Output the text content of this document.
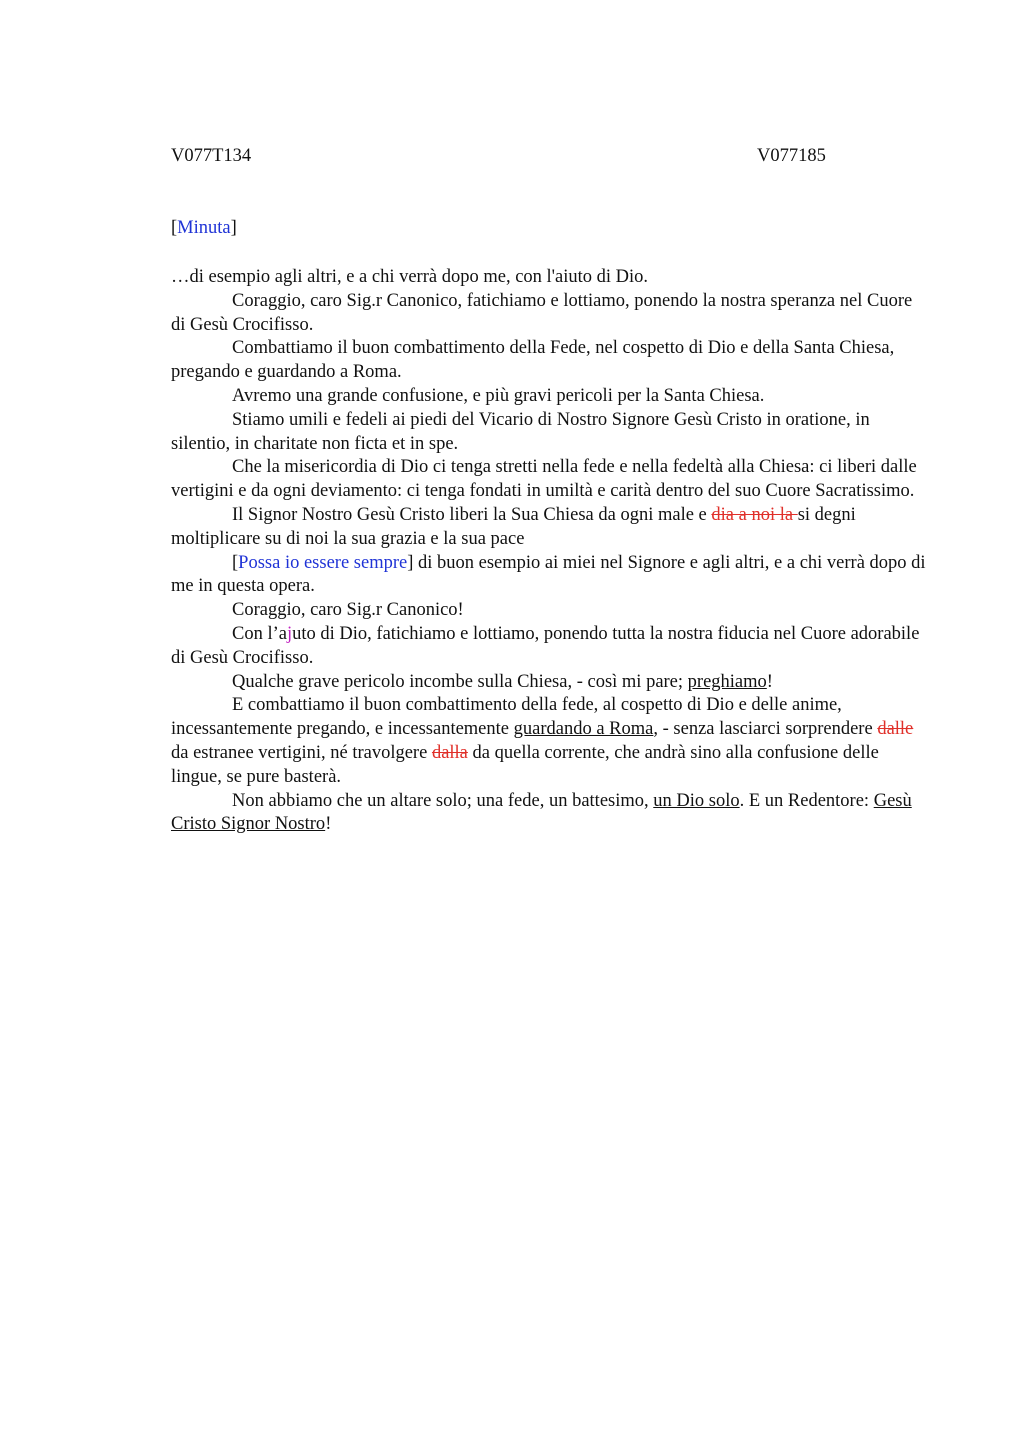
V077T134	V077185
[Minuta]

…di esempio agli altri, e a chi verrà dopo me, con l'aiuto di Dio.

Coraggio, caro Sig.r Canonico, fatichiamo e lottiamo, ponendo la nostra speranza nel Cuore di Gesù Crocifisso.

Combattiamo il buon combattimento della Fede, nel cospetto di Dio e della Santa Chiesa, pregando e guardando a Roma.

Avremo una grande confusione, e più gravi pericoli per la Santa Chiesa.

Stiamo umili e fedeli ai piedi del Vicario di Nostro Signore Gesù Cristo in oratione, in silentio, in charitate non ficta et in spe.

Che la misericordia di Dio ci tenga stretti nella fede e nella fedeltà alla Chiesa: ci liberi dalle vertigini e da ogni deviamento: ci tenga fondati in umiltà e carità dentro del suo Cuore Sacratissimo.

Il Signor Nostro Gesù Cristo liberi la Sua Chiesa da ogni male e dia a noi la si degni moltiplicare su di noi la sua grazia e la sua pace

[Possa io essere sempre] di buon esempio ai miei nel Signore e agli altri, e a chi verrà dopo di me in questa opera.

Coraggio, caro Sig.r Canonico!

Con l’ajuto di Dio, fatichiamo e lottiamo, ponendo tutta la nostra fiducia nel Cuore adorabile di Gesù Crocifisso.

Qualche grave pericolo incombe sulla Chiesa, - così mi pare; preghiamo!

E combattiamo il buon combattimento della fede, al cospetto di Dio e delle anime, incessantemente pregando, e incessantemente guardando a Roma, - senza lasciarci sorprendere dalle da estranee vertigini, né travolgere dalla da quella corrente, che andrà sino alla confusione delle lingue, se pure basterà.

Non abbiamo che un altare solo; una fede, un battesimo, un Dio solo. E un Redentore: Gesù Cristo Signor Nostro!
